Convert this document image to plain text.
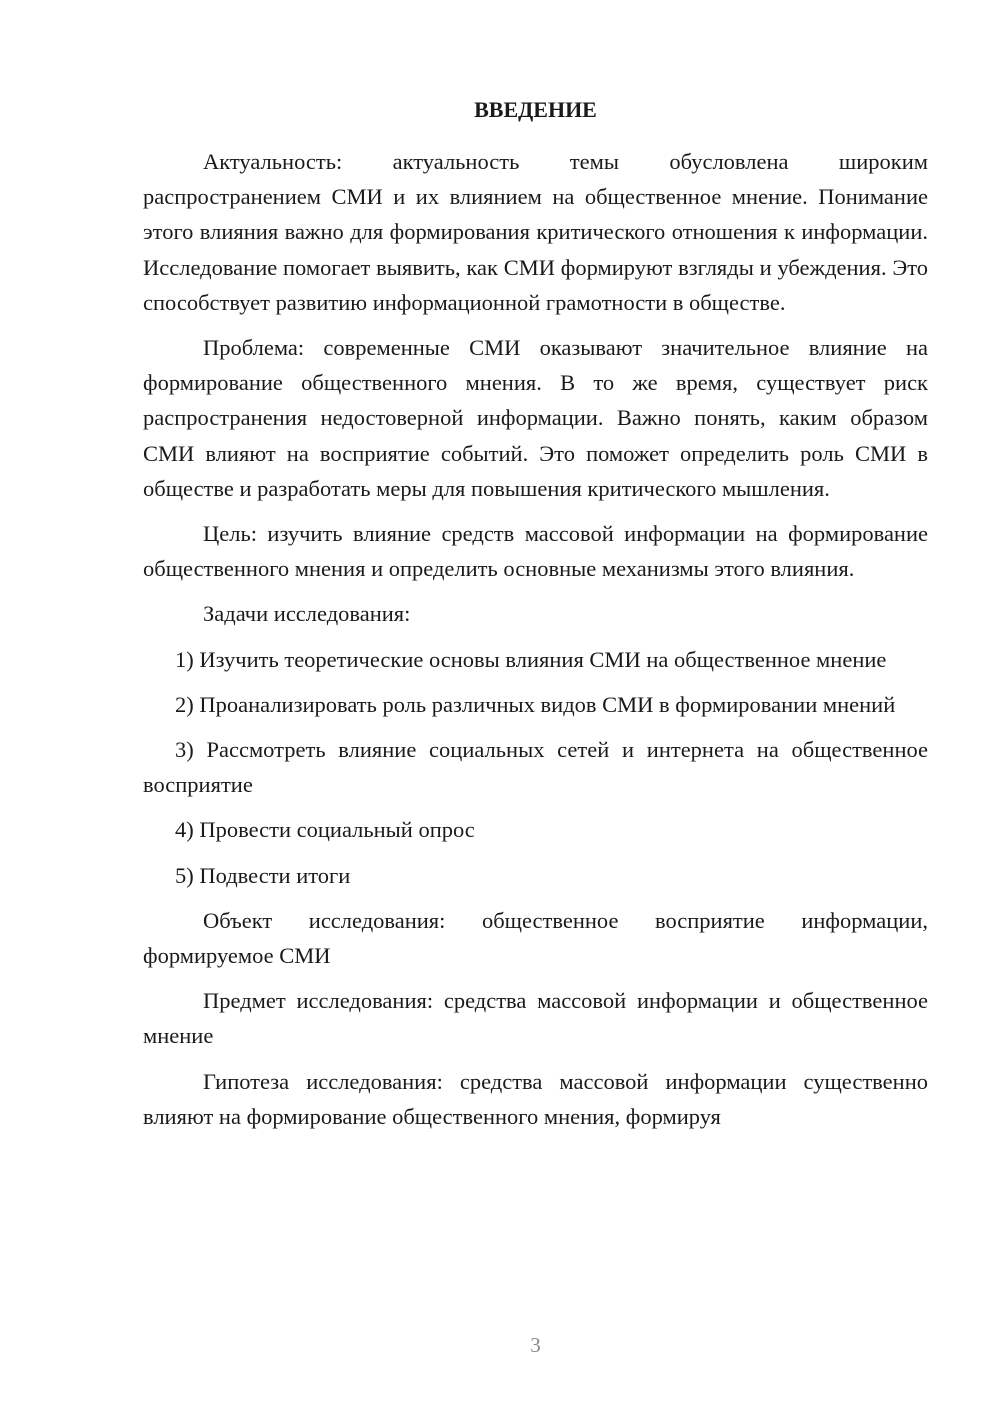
ВВЕДЕНИЕ

Актуальность: актуальность темы обусловлена широким распространением СМИ и их влиянием на общественное мнение. Понимание этого влияния важно для формирования критического отношения к информации. Исследование помогает выявить, как СМИ формируют взгляды и убеждения. Это способствует развитию информационной грамотности в обществе.

Проблема: современные СМИ оказывают значительное влияние на формирование общественного мнения. В то же время, существует риск распространения недостоверной информации. Важно понять, каким образом СМИ влияют на восприятие событий. Это поможет определить роль СМИ в обществе и разработать меры для повышения критического мышления.

Цель: изучить влияние средств массовой информации на формирование общественного мнения и определить основные механизмы этого влияния.

Задачи исследования:

1) Изучить теоретические основы влияния СМИ на общественное мнение

2) Проанализировать роль различных видов СМИ в формировании мнений

3) Рассмотреть влияние социальных сетей и интернета на общественное восприятие

4) Провести социальный опрос

5) Подвести итоги

Объект исследования: общественное восприятие информации, формируемое СМИ

Предмет исследования: средства массовой информации и общественное мнение

Гипотеза исследования: средства массовой информации существенно влияют на формирование общественного мнения, формируя

3
